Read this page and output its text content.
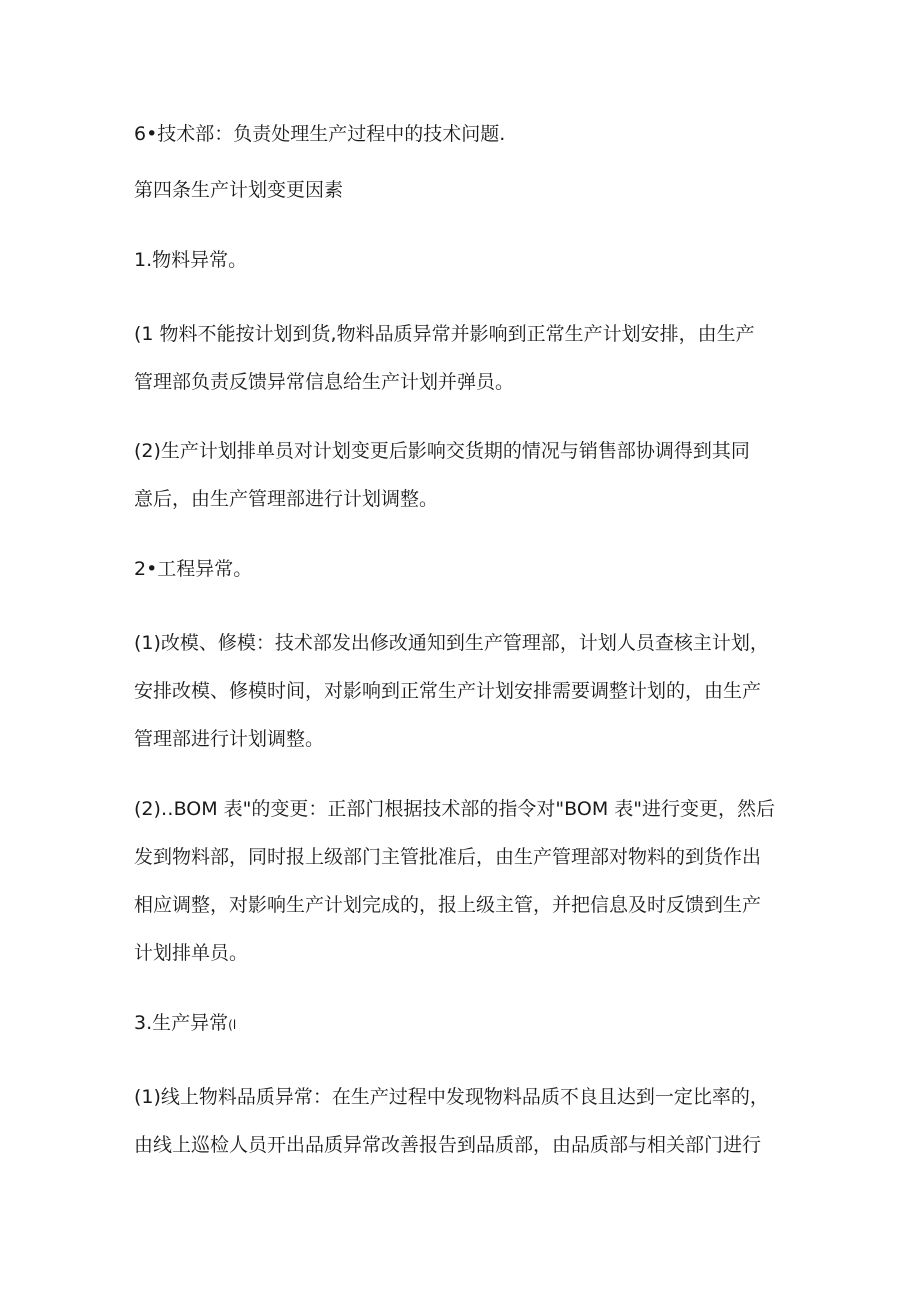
6•技术部：负责处理生产过程中的技术问题.
第四条生产计划变更因素
1.物料异常。
(1 物料不能按计划到货,物料品质异常并影响到正常生产计划安排，由生产
管理部负责反馈异常信息给生产计划并弹员。
(2)生产计划排单员对计划变更后影响交货期的情况与销售部协调得到其同
意后，由生产管理部进行计划调整。
2•工程异常。
(1)改模、修模：技术部发出修改通知到生产管理部，计划人员查核主计划，
安排改模、修模时间，对影响到正常生产计划安排需要调整计划的，由生产
管理部进行计划调整。
(2)‥BOM 表"的变更：正部门根据技术部的指令对"BOM 表"进行变更，然后
发到物料部，同时报上级部门主管批准后，由生产管理部对物料的到货作出
相应调整，对影响生产计划完成的，报上级主管，并把信息及时反馈到生产
计划排单员。
3.生产异常(l
(1)线上物料品质异常：在生产过程中发现物料品质不良且达到一定比率的，
由线上巡检人员开出品质异常改善报告到品质部，由品质部与相关部门进行
